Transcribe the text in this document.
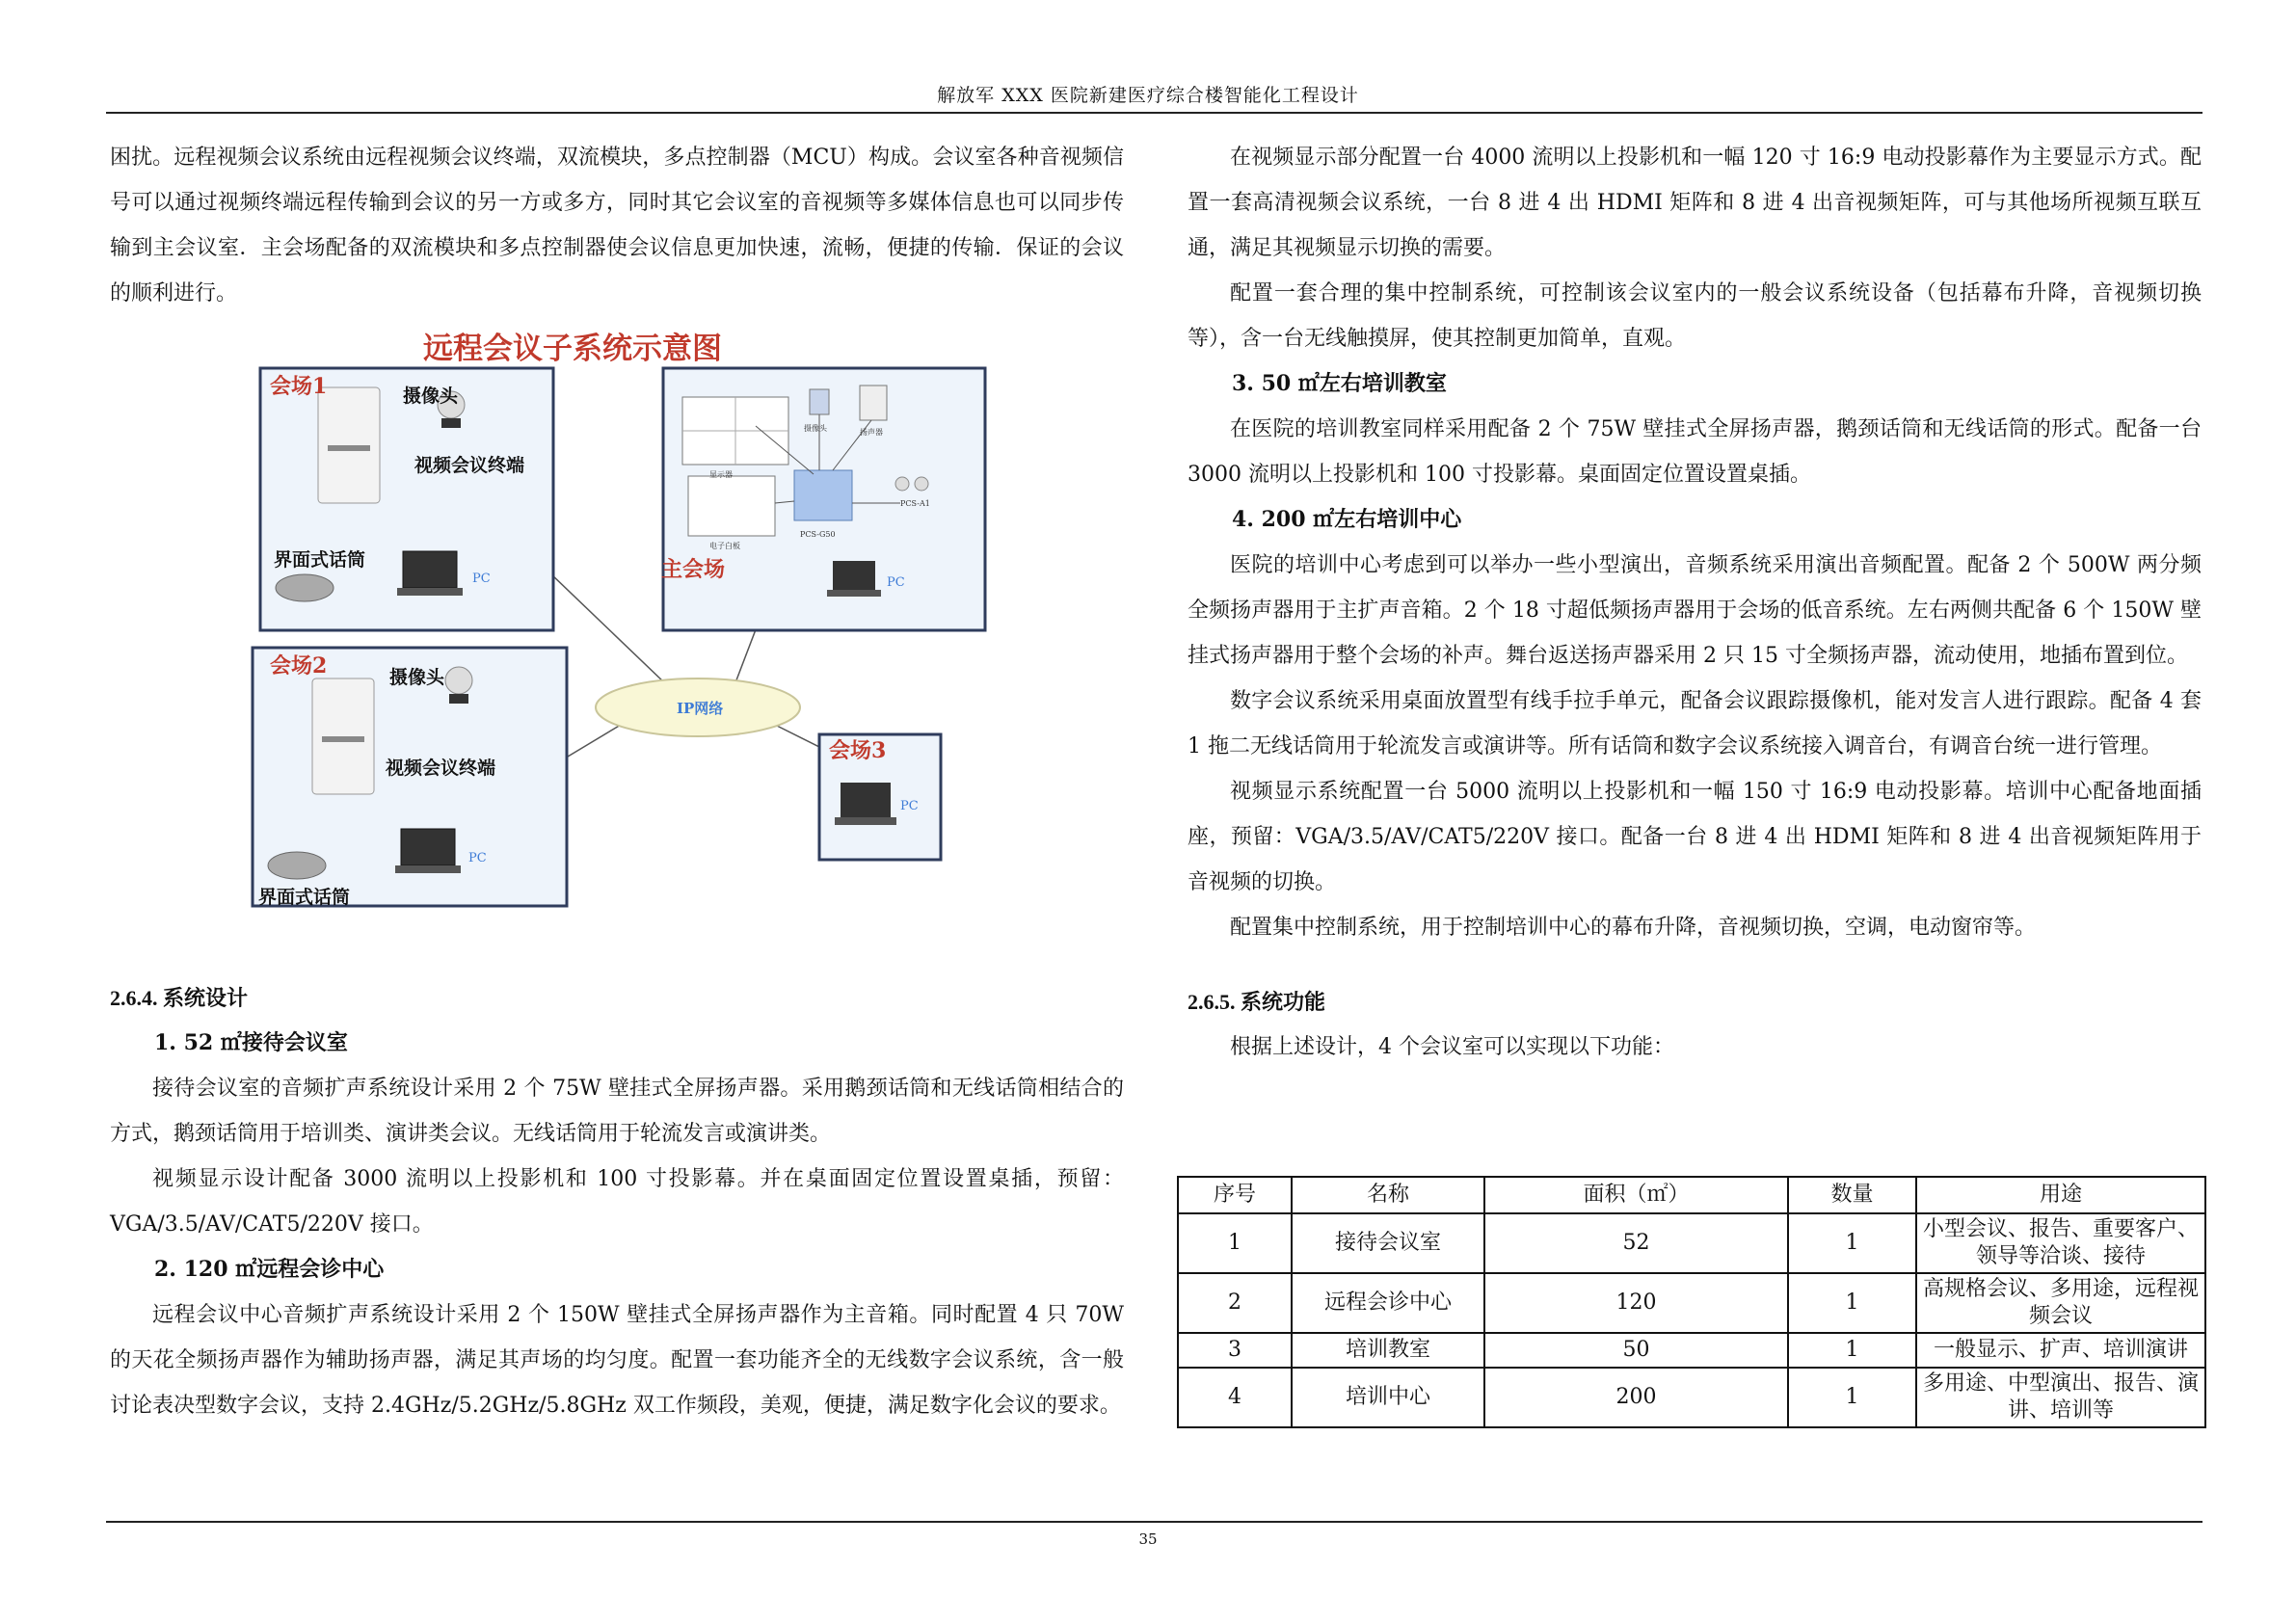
解放军 XXX 医院新建医疗综合楼智能化工程设计

困扰。远程视频会议系统由远程视频会议终端，双流模块，多点控制器（MCU）构成。会议室各种音视频信号可以通过视频终端远程传输到会议的另一方或多方，同时其它会议室的音视频等多媒体信息也可以同步传输到主会议室．主会场配备的双流模块和多点控制器使会议信息更加快速，流畅，便捷的传输．保证的会议的顺利进行。

远程会议子系统示意图
会场1	摄像头
视频会议终端
界面式话筒
PC
会场2	摄像头
视频会议终端
界面式话筒
PC
主会场
PC
PCS-G50
显示器
摄像头	扬声器
电子白板
PCS-A1
IP网络
会场3
PC

2.6.4. 系统设计

1. 52 ㎡接待会议室

接待会议室的音频扩声系统设计采用 2 个 75W 壁挂式全屏扬声器。采用鹅颈话筒和无线话筒相结合的方式，鹅颈话筒用于培训类、演讲类会议。无线话筒用于轮流发言或演讲类。

视频显示设计配备 3000 流明以上投影机和 100 寸投影幕。并在桌面固定位置设置桌插，预留：VGA/3.5/AV/CAT5/220V 接口。

2. 120 ㎡远程会诊中心

远程会议中心音频扩声系统设计采用 2 个 150W 壁挂式全屏扬声器作为主音箱。同时配置 4 只 70W 的天花全频扬声器作为辅助扬声器，满足其声场的均匀度。配置一套功能齐全的无线数字会议系统，含一般讨论表决型数字会议，支持 2.4GHz/5.2GHz/5.8GHz 双工作频段，美观，便捷，满足数字化会议的要求。

在视频显示部分配置一台 4000 流明以上投影机和一幅 120 寸 16:9 电动投影幕作为主要显示方式。配置一套高清视频会议系统，一台 8 进 4 出 HDMI 矩阵和 8 进 4 出音视频矩阵，可与其他场所视频互联互通，满足其视频显示切换的需要。

配置一套合理的集中控制系统，可控制该会议室内的一般会议系统设备（包括幕布升降，音视频切换等），含一台无线触摸屏，使其控制更加简单，直观。

3. 50 ㎡左右培训教室

在医院的培训教室同样采用配备 2 个 75W 壁挂式全屏扬声器，鹅颈话筒和无线话筒的形式。配备一台 3000 流明以上投影机和 100 寸投影幕。桌面固定位置设置桌插。

4. 200 ㎡左右培训中心

医院的培训中心考虑到可以举办一些小型演出，音频系统采用演出音频配置。配备 2 个 500W 两分频全频扬声器用于主扩声音箱。2 个 18 寸超低频扬声器用于会场的低音系统。左右两侧共配备 6 个 150W 壁挂式扬声器用于整个会场的补声。舞台返送扬声器采用 2 只 15 寸全频扬声器，流动使用，地插布置到位。

数字会议系统采用桌面放置型有线手拉手单元，配备会议跟踪摄像机，能对发言人进行跟踪。配备 4 套 1 拖二无线话筒用于轮流发言或演讲等。所有话筒和数字会议系统接入调音台，有调音台统一进行管理。

视频显示系统配置一台 5000 流明以上投影机和一幅 150 寸 16:9 电动投影幕。培训中心配备地面插座，预留：VGA/3.5/AV/CAT5/220V 接口。配备一台 8 进 4 出 HDMI 矩阵和 8 进 4 出音视频矩阵用于音视频的切换。

配置集中控制系统，用于控制培训中心的幕布升降，音视频切换，空调，电动窗帘等。

2.6.5. 系统功能

根据上述设计，4 个会议室可以实现以下功能：

序号	名称	面积（㎡）	数量	用途
1	接待会议室	52	1	小型会议、报告、重要客户、领导等洽谈、接待
2	远程会诊中心	120	1	高规格会议、多用途，远程视频会议
3	培训教室	50	1	一般显示、扩声、培训演讲
4	培训中心	200	1	多用途、中型演出、报告、演讲、培训等
35
